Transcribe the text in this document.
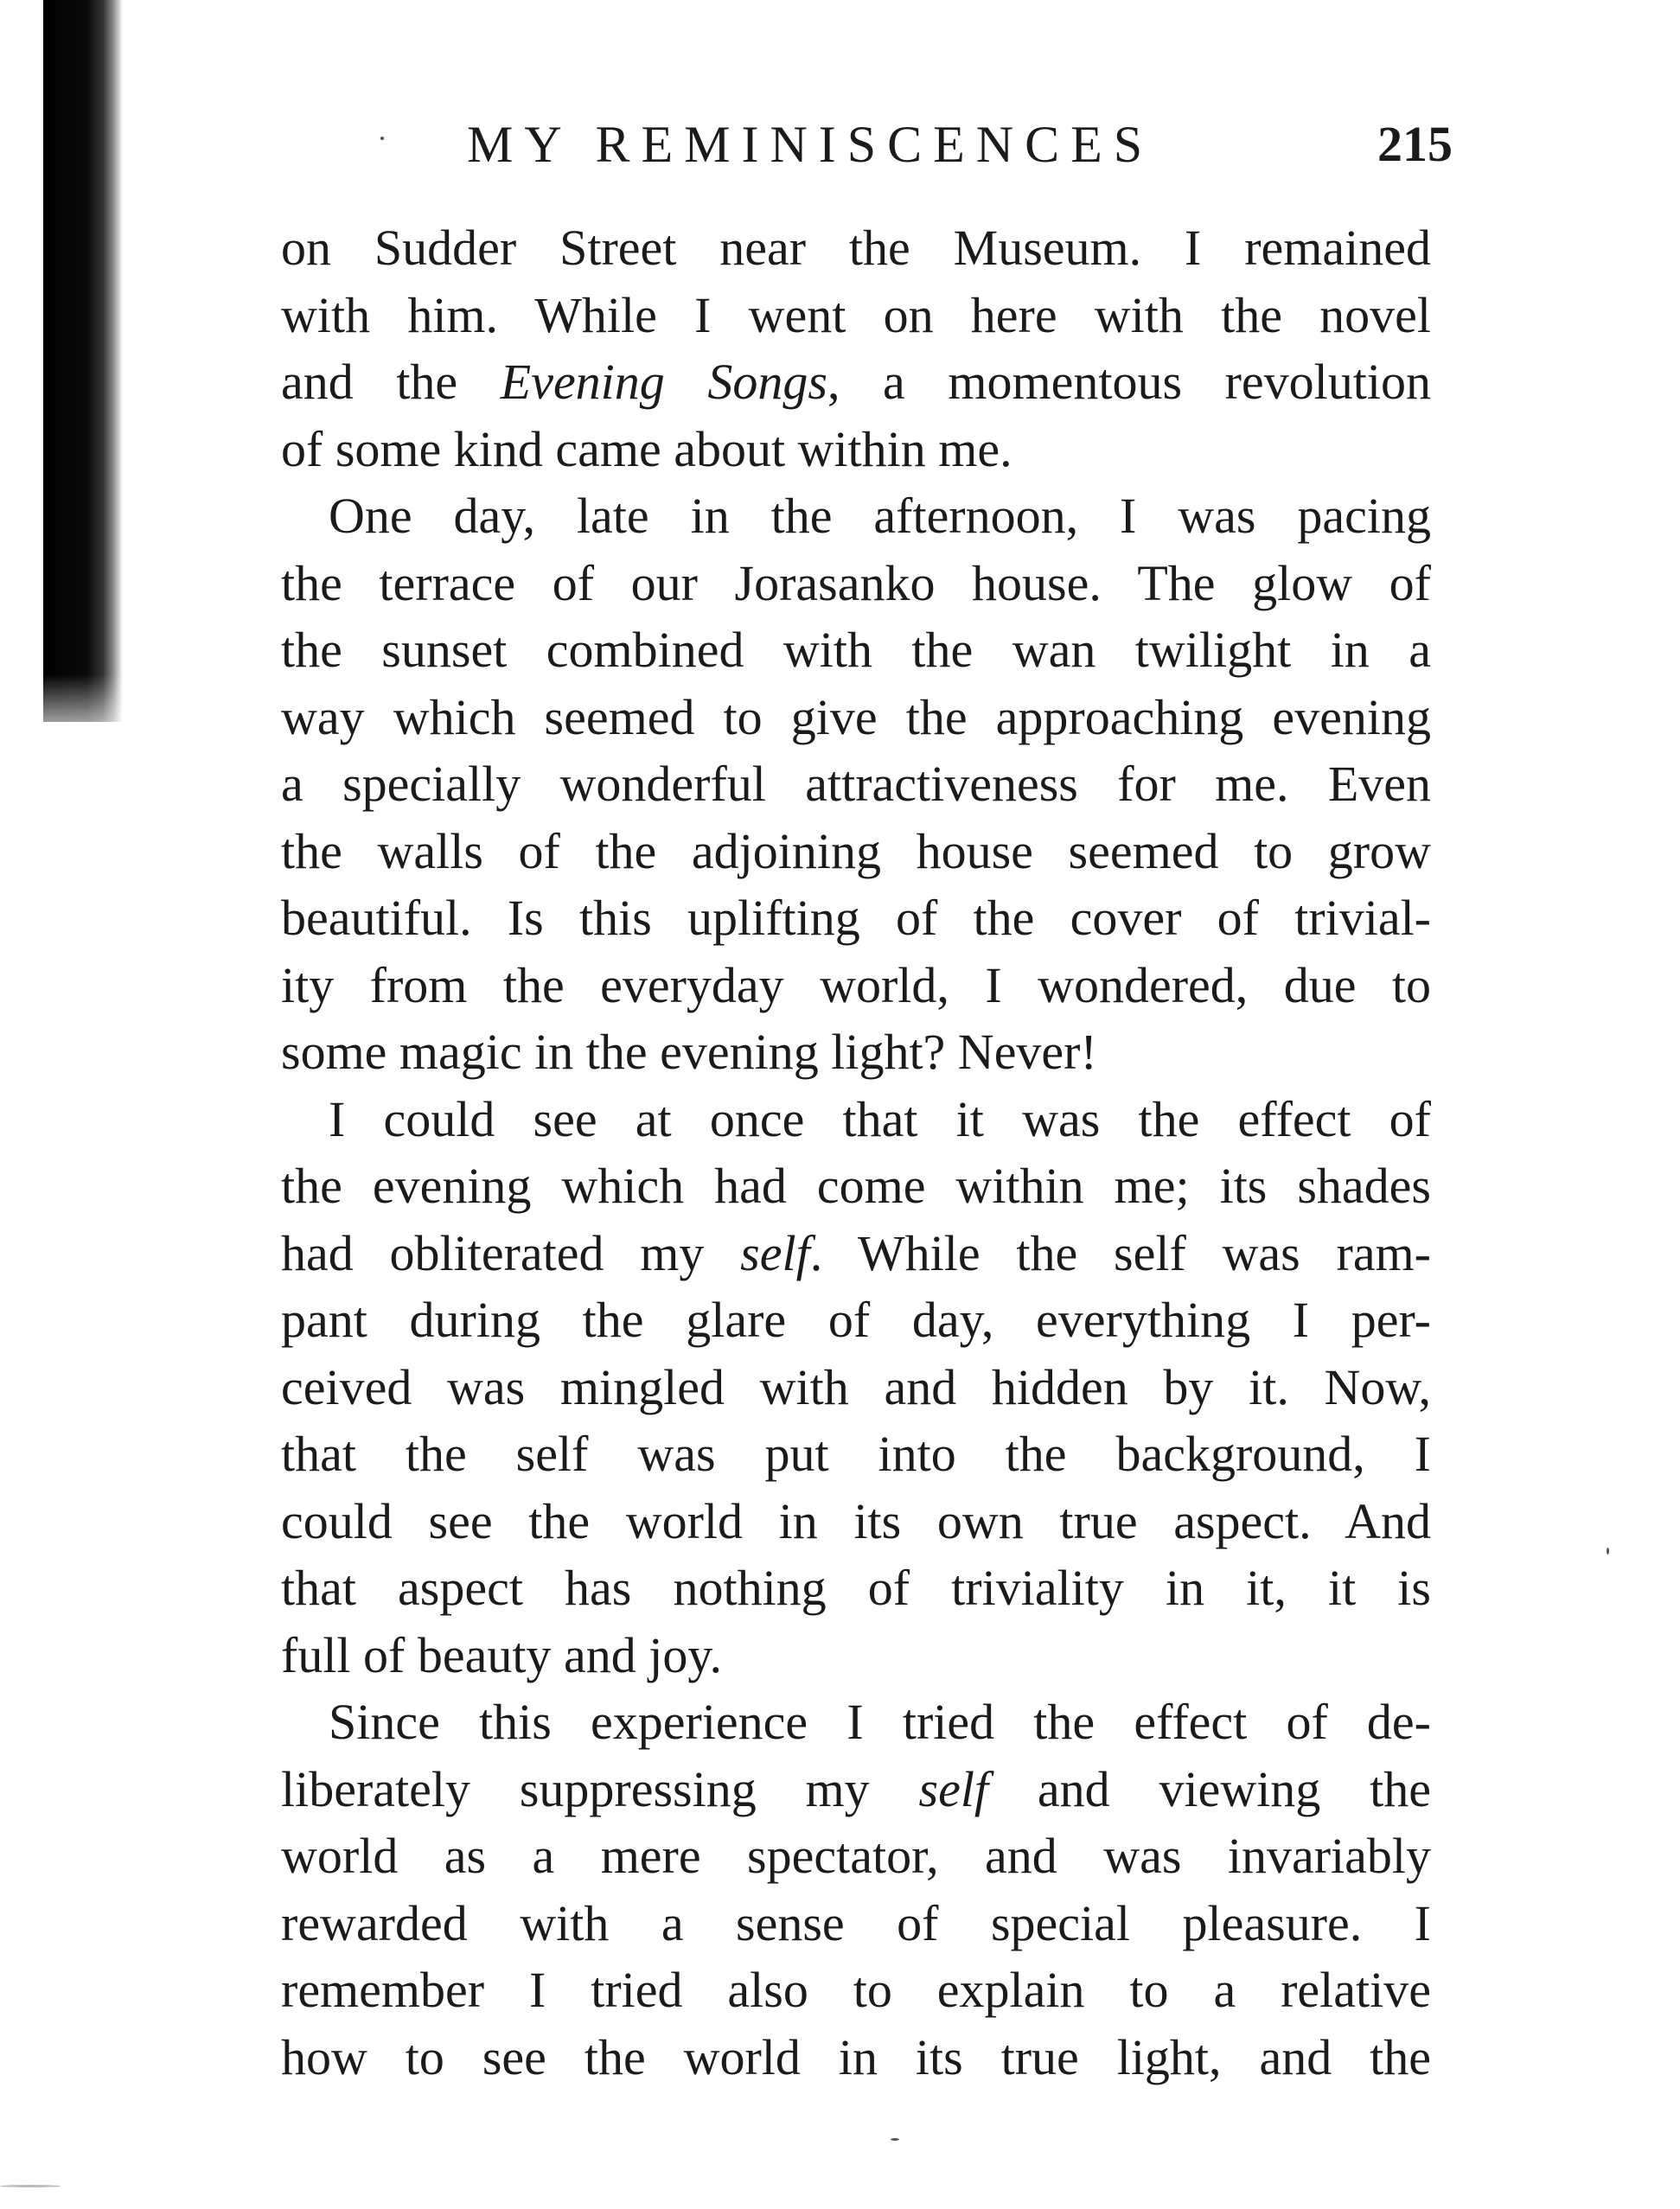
MY REMINISCENCES	215
on Sudder Street near the Museum. I remained
with him. While I went on here with the novel
and the Evening Songs, a momentous revolution
of some kind came about within me.
One day, late in the afternoon, I was pacing
the terrace of our Jorasanko house. The glow of
the sunset combined with the wan twilight in a
way which seemed to give the approaching evening
a specially wonderful attractiveness for me. Even
the walls of the adjoining house seemed to grow
beautiful. Is this uplifting of the cover of trivial-
ity from the everyday world, I wondered, due to
some magic in the evening light? Never!
I could see at once that it was the effect of
the evening which had come within me; its shades
had obliterated my self. While the self was ram-
pant during the glare of day, everything I per-
ceived was mingled with and hidden by it. Now,
that the self was put into the background, I
could see the world in its own true aspect. And
that aspect has nothing of triviality in it, it is
full of beauty and joy.
Since this experience I tried the effect of de-
liberately suppressing my self and viewing the
world as a mere spectator, and was invariably
rewarded with a sense of special pleasure. I
remember I tried also to explain to a relative
how to see the world in its true light, and the
